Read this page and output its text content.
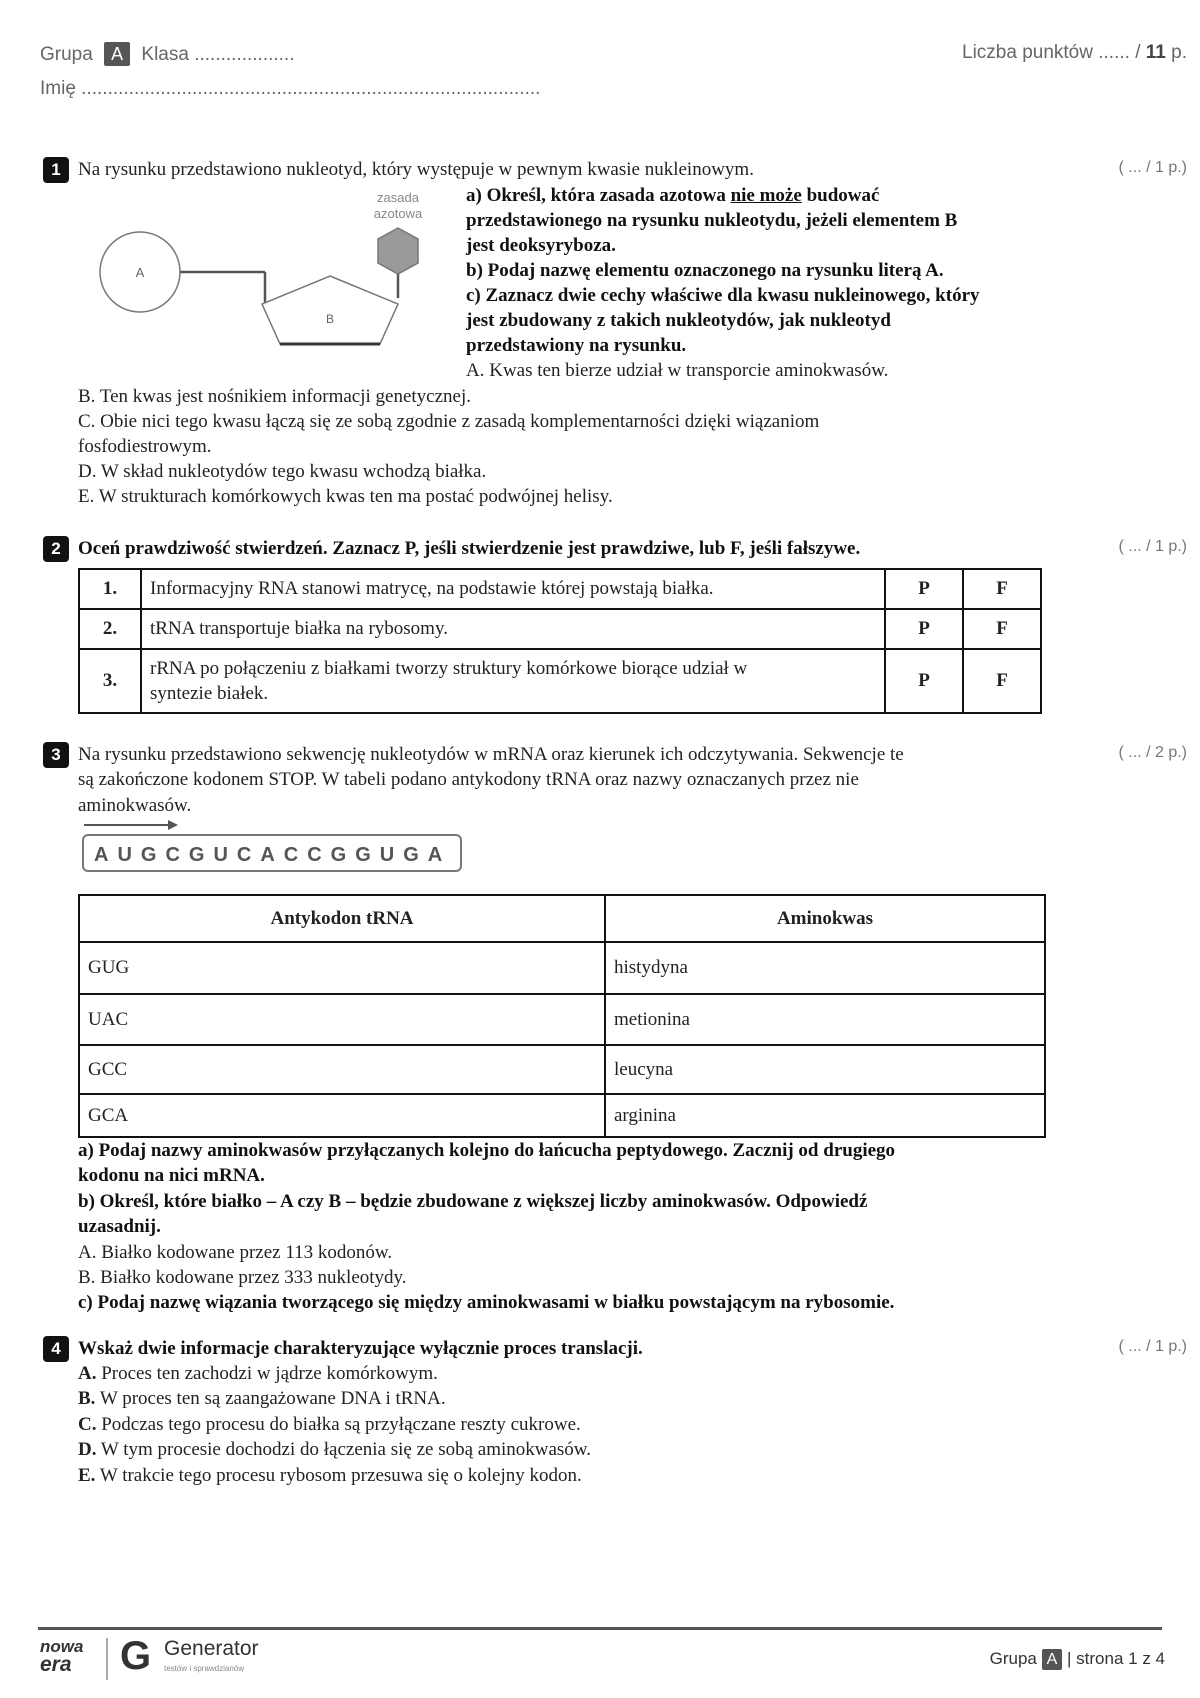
Grupa A Klasa ...................	Liczba punktów ...... / 11 p.
Imię .......................................................................................
1	( ... / 1 p.)
Na rysunku przedstawiono nukleotyd, który występuje w pewnym kwasie nukleinowym.
zasada
azotowa
A
B
a) Określ, która zasada azotowa nie może budować
przedstawionego na rysunku nukleotydu, jeżeli elementem B
jest deoksyryboza.
b) Podaj nazwę elementu oznaczonego na rysunku literą A.
c) Zaznacz dwie cechy właściwe dla kwasu nukleinowego, który
jest zbudowany z takich nukleotydów, jak nukleotyd
przedstawiony na rysunku.
A. Kwas ten bierze udział w transporcie aminokwasów.
B. Ten kwas jest nośnikiem informacji genetycznej.
C. Obie nici tego kwasu łączą się ze sobą zgodnie z zasadą komplementarności dzięki wiązaniom
fosfodiestrowym.
D. W skład nukleotydów tego kwasu wchodzą białka.
E. W strukturach komórkowych kwas ten ma postać podwójnej helisy.
2	( ... / 1 p.)
Oceń prawdziwość stwierdzeń. Zaznacz P, jeśli stwierdzenie jest prawdziwe, lub F, jeśli fałszywe.
1.	Informacyjny RNA stanowi matrycę, na podstawie której powstają białka.	P	F
2.	tRNA transportuje białka na rybosomy.	P	F
3.	rRNA po połączeniu z białkami tworzy struktury komórkowe biorące udział w
syntezie białek.	P	F
3	( ... / 2 p.)
Na rysunku przedstawiono sekwencję nukleotydów w mRNA oraz kierunek ich odczytywania. Sekwencje te
są zakończone kodonem STOP. W tabeli podano antykodony tRNA oraz nazwy oznaczanych przez nie
aminokwasów.
AUGCGUCACCGGUGA
Antykodon tRNA	Aminokwas
GUG	histydyna
UAC	metionina
GCC	leucyna
GCA	arginina
a) Podaj nazwy aminokwasów przyłączanych kolejno do łańcucha peptydowego. Zacznij od drugiego
kodonu na nici mRNA.
b) Określ, które białko – A czy B – będzie zbudowane z większej liczby aminokwasów. Odpowiedź
uzasadnij.
A. Białko kodowane przez 113 kodonów.
B. Białko kodowane przez 333 nukleotydy.
c) Podaj nazwę wiązania tworzącego się między aminokwasami w białku powstającym na rybosomie.
4	( ... / 1 p.)
Wskaż dwie informacje charakteryzujące wyłącznie proces translacji.
A. Proces ten zachodzi w jądrze komórkowym.
B. W proces ten są zaangażowane DNA i tRNA.
C. Podczas tego procesu do białka są przyłączane reszty cukrowe.
D. W tym procesie dochodzi do łączenia się ze sobą aminokwasów.
E. W trakcie tego procesu rybosom przesuwa się o kolejny kodon.
nowa
era	G Generator
testów i sprawdzianów
Grupa A | strona 1 z 4
